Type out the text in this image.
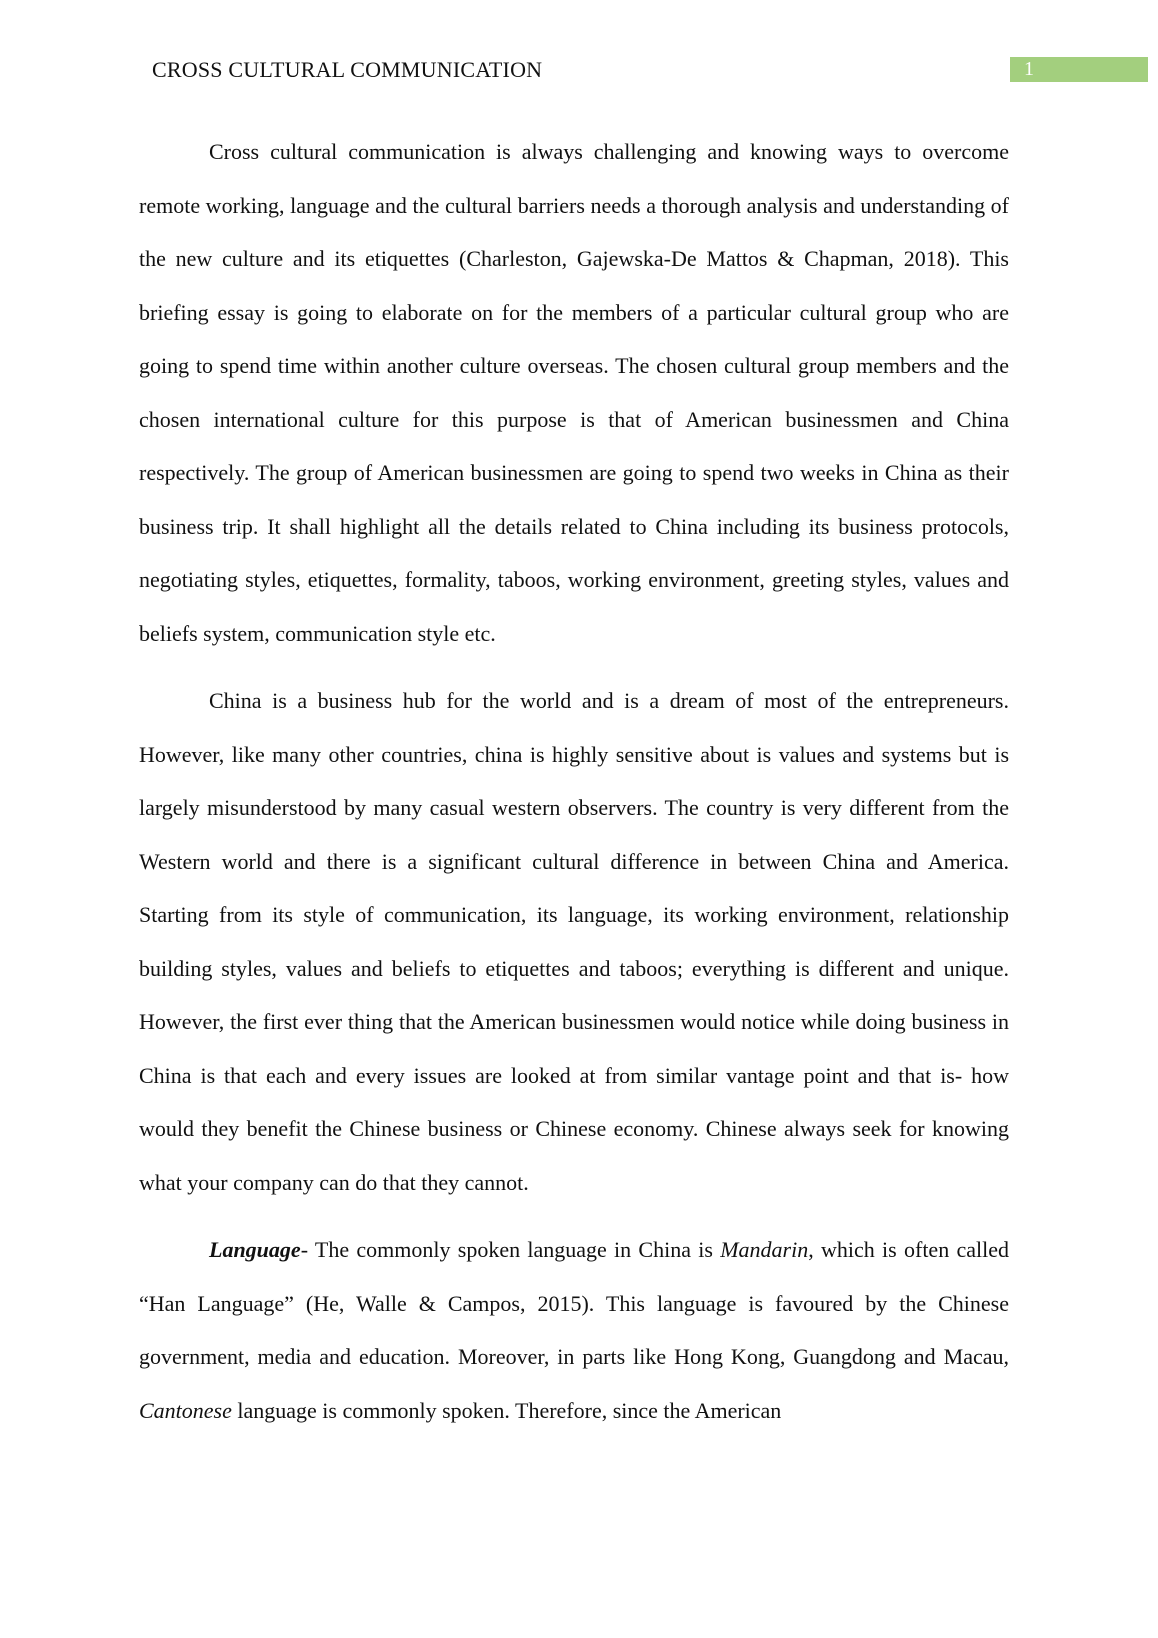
CROSS CULTURAL COMMUNICATION	1

Cross cultural communication is always challenging and knowing ways to overcome remote working, language and the cultural barriers needs a thorough analysis and understanding of the new culture and its etiquettes (Charleston, Gajewska-De Mattos & Chapman, 2018). This briefing essay is going to elaborate on for the members of a particular cultural group who are going to spend time within another culture overseas. The chosen cultural group members and the chosen international culture for this purpose is that of American businessmen and China respectively. The group of American businessmen are going to spend two weeks in China as their business trip. It shall highlight all the details related to China including its business protocols, negotiating styles, etiquettes, formality, taboos, working environment, greeting styles, values and beliefs system, communication style etc.

China is a business hub for the world and is a dream of most of the entrepreneurs. However, like many other countries, china is highly sensitive about is values and systems but is largely misunderstood by many casual western observers. The country is very different from the Western world and there is a significant cultural difference in between China and America. Starting from its style of communication, its language, its working environment, relationship building styles, values and beliefs to etiquettes and taboos; everything is different and unique. However, the first ever thing that the American businessmen would notice while doing business in China is that each and every issues are looked at from similar vantage point and that is- how would they benefit the Chinese business or Chinese economy. Chinese always seek for knowing what your company can do that they cannot.

Language- The commonly spoken language in China is Mandarin, which is often called “Han Language” (He, Walle & Campos, 2015). This language is favoured by the Chinese government, media and education. Moreover, in parts like Hong Kong, Guangdong and Macau, Cantonese language is commonly spoken. Therefore, since the American
